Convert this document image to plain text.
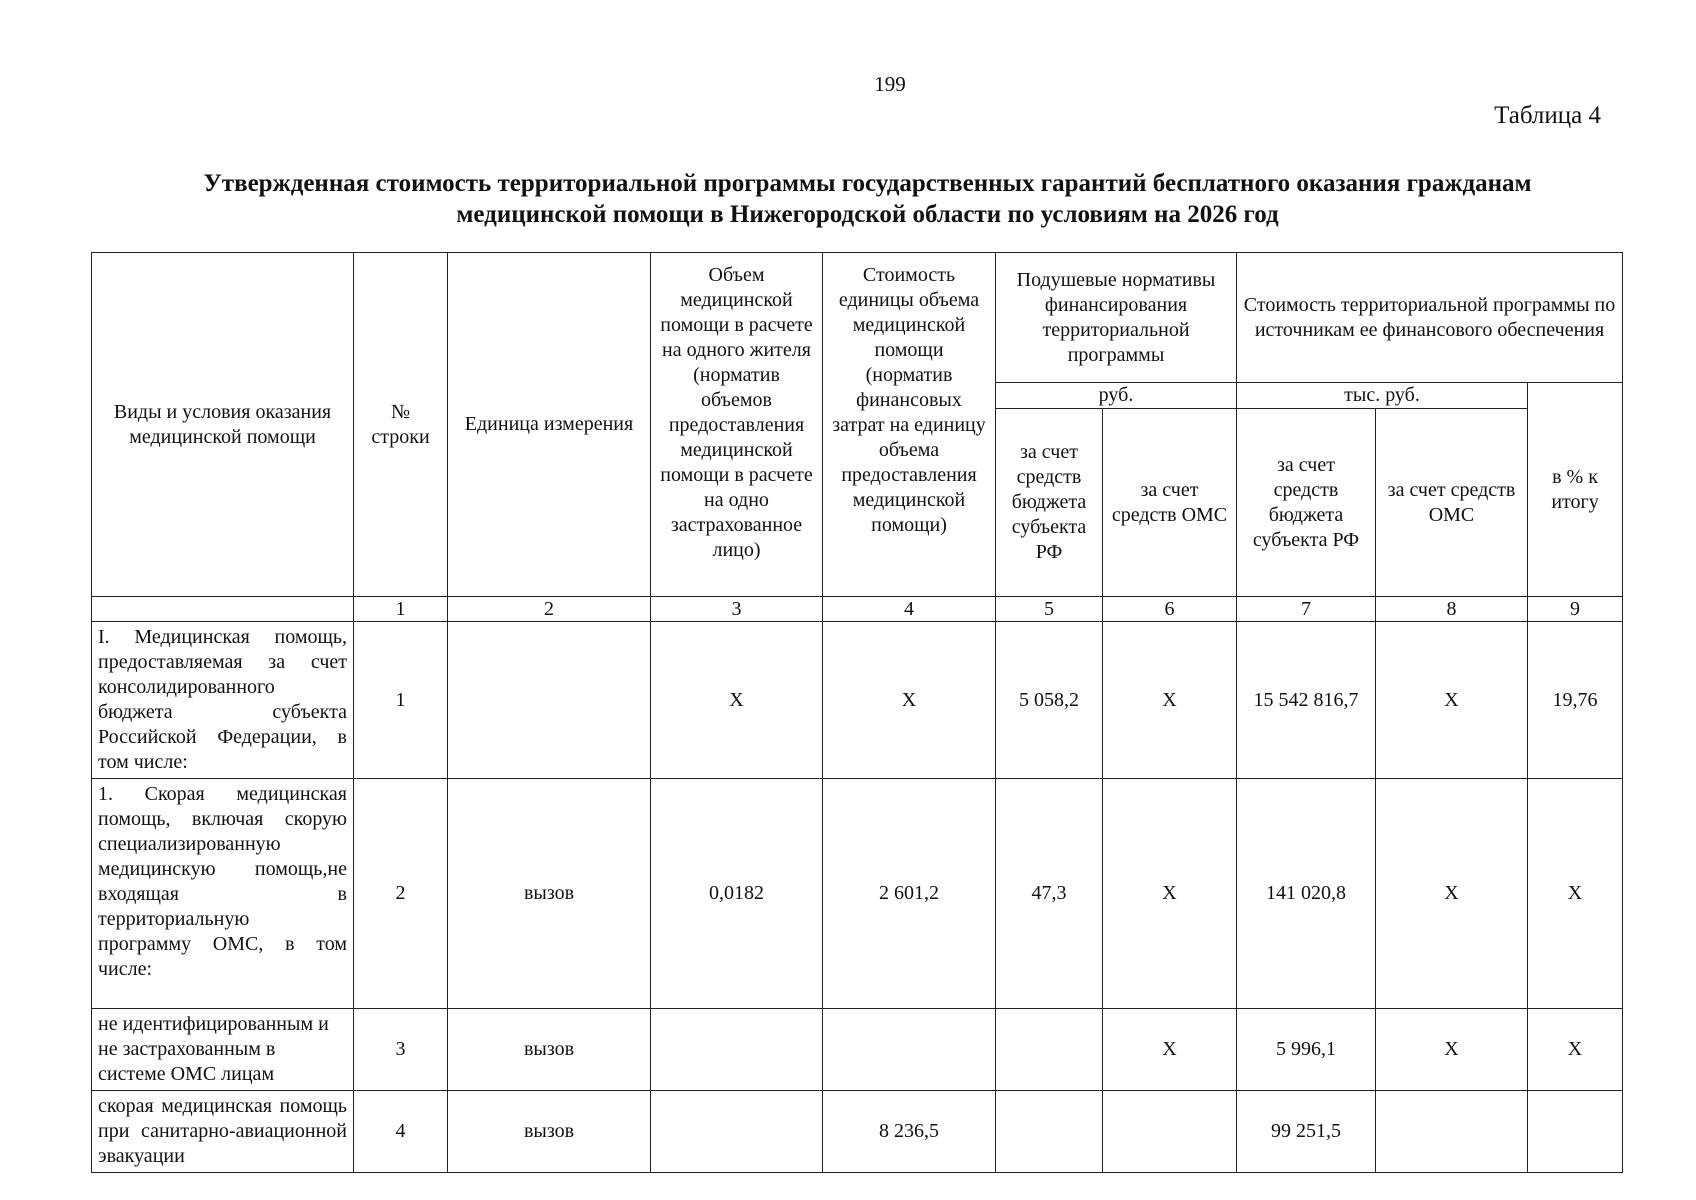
199
Таблица 4
Утвержденная стоимость территориальной программы государственных гарантий бесплатного оказания гражданам
медицинской помощи в Нижегородской области по условиям на 2026 год
Виды и условия оказания медицинской помощи	№ строки	Единица измерения	Объем медицинской помощи в расчете на одного жителя (норматив объемов предоставления медицинской помощи в расчете на одно застрахованное лицо)	Стоимость единицы объема медицинской помощи (норматив финансовых затрат на единицу объема предоставления медицинской помощи)	Подушевые нормативы финансирования территориальной программы		Стоимость территориальной программы по источникам ее финансового обеспечения		
					руб.		тыс. руб.		в % к итогу
					за счет средств бюджета субъекта РФ	за счет средств ОМС	за счет средств бюджета субъекта РФ	за счет средств ОМС	
	1	2	3	4	5	6	7	8	9
I. Медицинская помощь, предоставляемая за счет консолидированного бюджета субъекта Российской Федерации, в том числе:	1		Х	Х	5 058,2	Х	15 542 816,7	Х	19,76
1. Скорая медицинская помощь, включая скорую специализированную медицинскую помощь,не входящая в территориальную программу ОМС, в том числе:	2	вызов	0,0182	2 601,2	47,3	Х	141 020,8	Х	Х
не идентифицированным и не застрахованным в системе ОМС лицам	3	вызов				Х	5 996,1	Х	Х
скорая медицинская помощь при санитарно-авиационной эвакуации	4	вызов		8 236,5			99 251,5		
